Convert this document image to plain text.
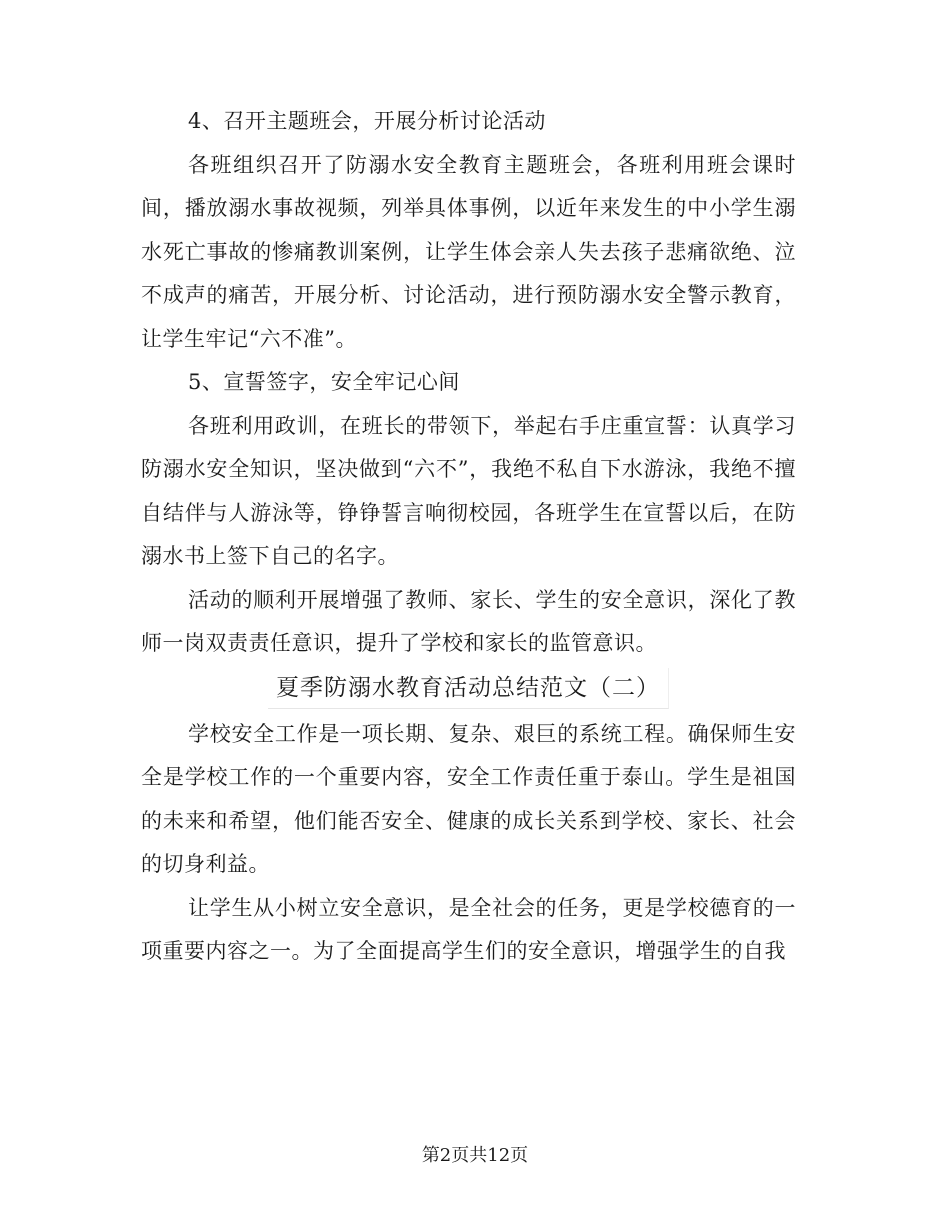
4、召开主题班会，开展分析讨论活动

各班组织召开了防溺水安全教育主题班会，各班利用班会课时间，播放溺水事故视频，列举具体事例，以近年来发生的中小学生溺水死亡事故的惨痛教训案例，让学生体会亲人失去孩子悲痛欲绝、泣不成声的痛苦，开展分析、讨论活动，进行预防溺水安全警示教育，让学生牢记“六不准”。

5、宣誓签字，安全牢记心间

各班利用政训，在班长的带领下，举起右手庄重宣誓：认真学习防溺水安全知识，坚决做到“六不”，我绝不私自下水游泳，我绝不擅自结伴与人游泳等，铮铮誓言响彻校园，各班学生在宣誓以后，在防溺水书上签下自己的名字。

活动的顺利开展增强了教师、家长、学生的安全意识，深化了教师一岗双责责任意识，提升了学校和家长的监管意识。

夏季防溺水教育活动总结范文（二）

学校安全工作是一项长期、复杂、艰巨的系统工程。确保师生安全是学校工作的一个重要内容，安全工作责任重于泰山。学生是祖国的未来和希望，他们能否安全、健康的成长关系到学校、家长、社会的切身利益。

让学生从小树立安全意识，是全社会的任务，更是学校德育的一项重要内容之一。为了全面提高学生们的安全意识，增强学生的自我

第2页共12页
